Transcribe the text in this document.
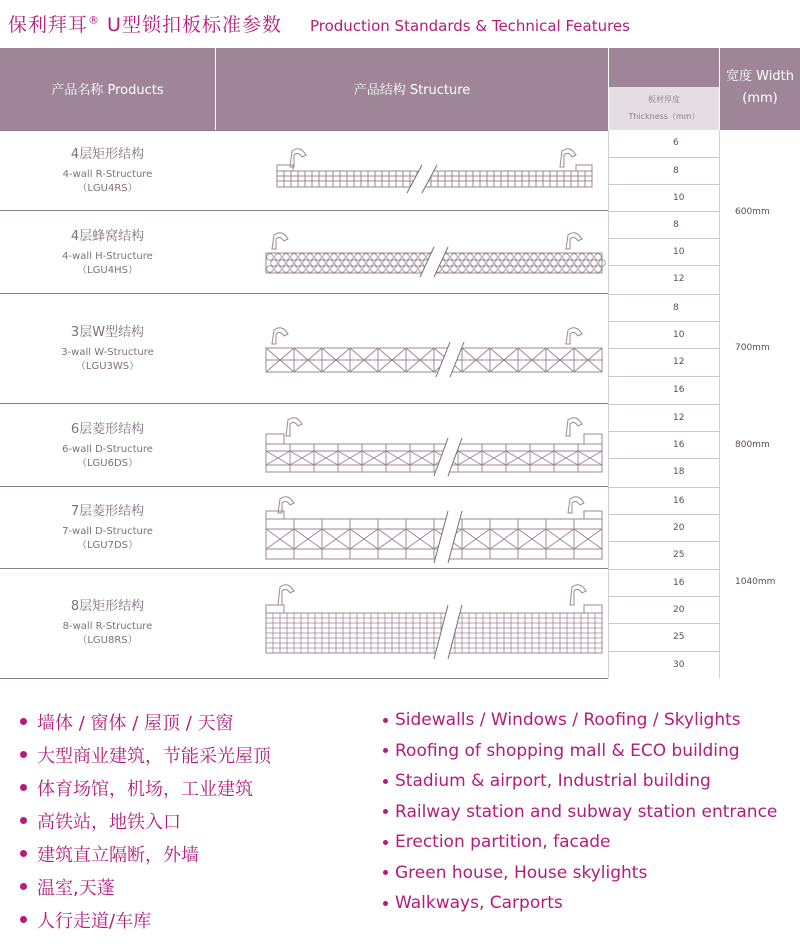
保利拜耳® U型锁扣板标准参数 Production Standards & Technical Features
产品名称 Products	产品结构 Structure
板材厚度
Thickness（mm）
宽度 Width
(mm)
4层矩形结构
4-wall R-Structure
（LGU4RS）
4层蜂窝结构
4-wall H-Structure
（LGU4HS）
3层W型结构
3-wall W-Structure
（LGU3WS）
6层菱形结构
6-wall D-Structure
（LGU6DS）
7层菱形结构
7-wall D-Structure
（LGU7DS）
8层矩形结构
8-wall R-Structure
（LGU8RS）
6
8
10
8
10
12
8
10
12
16
12
16
18
16
20
25
16
20
25
30
600mm
700mm
800mm
1040mm
墙体 / 窗体 / 屋顶 / 天窗
大型商业建筑，节能采光屋顶
体育场馆，机场，工业建筑
高铁站，地铁入口
建筑直立隔断，外墙
温室,天蓬
人行走道/车库
Sidewalls / Windows / Roofing / Skylights
Roofing of shopping mall & ECO building
Stadium & airport, Industrial building
Railway station and subway station entrance
Erection partition, facade
Green house, House skylights
Walkways, Carports
